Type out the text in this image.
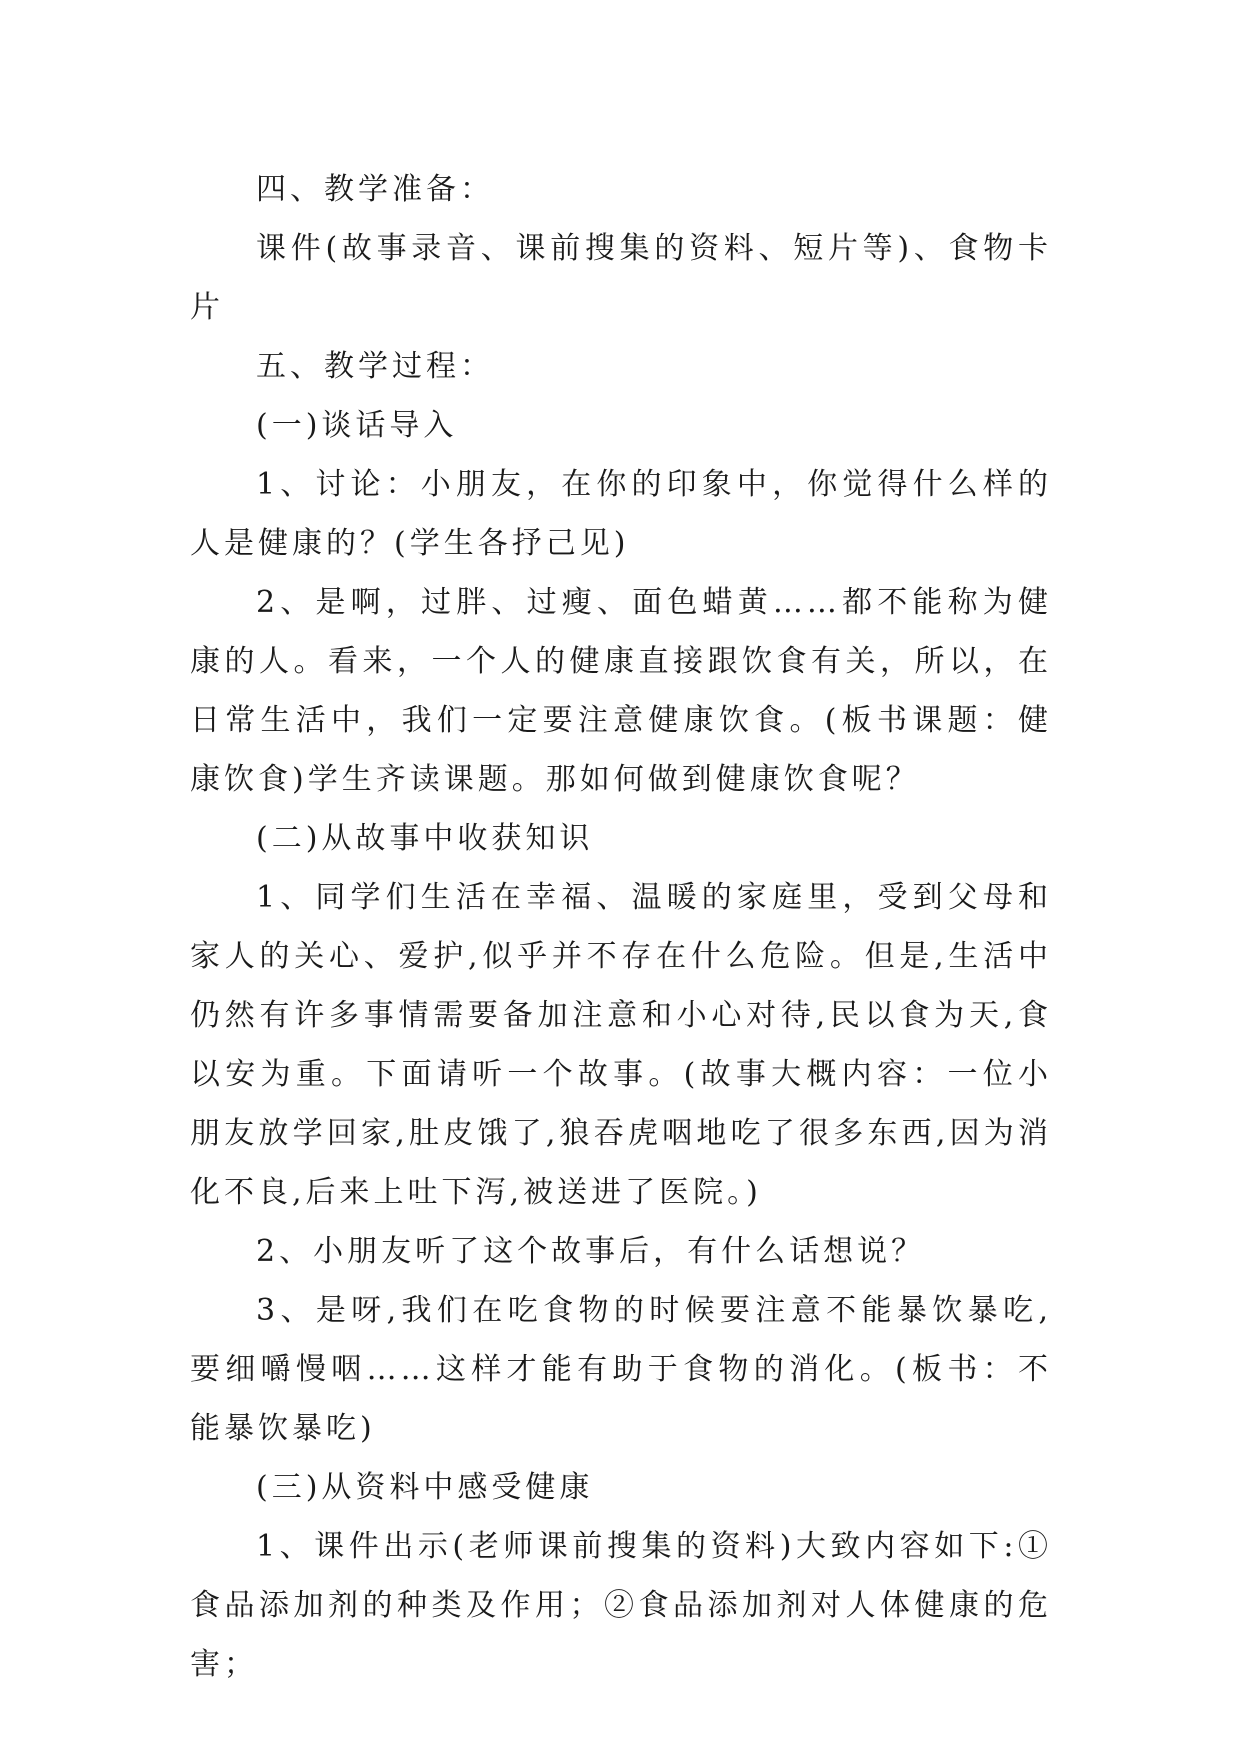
四、教学准备：

课件(故事录音、课前搜集的资料、短片等)、食物卡片

五、教学过程：

(一)谈话导入

1、讨论：小朋友，在你的印象中，你觉得什么样的人是健康的？(学生各抒己见)

2、是啊，过胖、过瘦、面色蜡黄……都不能称为健康的人。看来，一个人的健康直接跟饮食有关，所以，在日常生活中，我们一定要注意健康饮食。(板书课题：健康饮食)学生齐读课题。那如何做到健康饮食呢？

(二)从故事中收获知识

1、同学们生活在幸福、温暖的家庭里，受到父母和家人的关心、爱护,似乎并不存在什么危险。但是,生活中仍然有许多事情需要备加注意和小心对待,民以食为天,食以安为重。下面请听一个故事。(故事大概内容：一位小朋友放学回家,肚皮饿了,狼吞虎咽地吃了很多东西,因为消化不良,后来上吐下泻,被送进了医院。)

2、小朋友听了这个故事后，有什么话想说？

3、是呀,我们在吃食物的时候要注意不能暴饮暴吃,要细嚼慢咽……这样才能有助于食物的消化。(板书：不能暴饮暴吃)

(三)从资料中感受健康

1、课件出示(老师课前搜集的资料)大致内容如下:①食品添加剂的种类及作用；②食品添加剂对人体健康的危害；
